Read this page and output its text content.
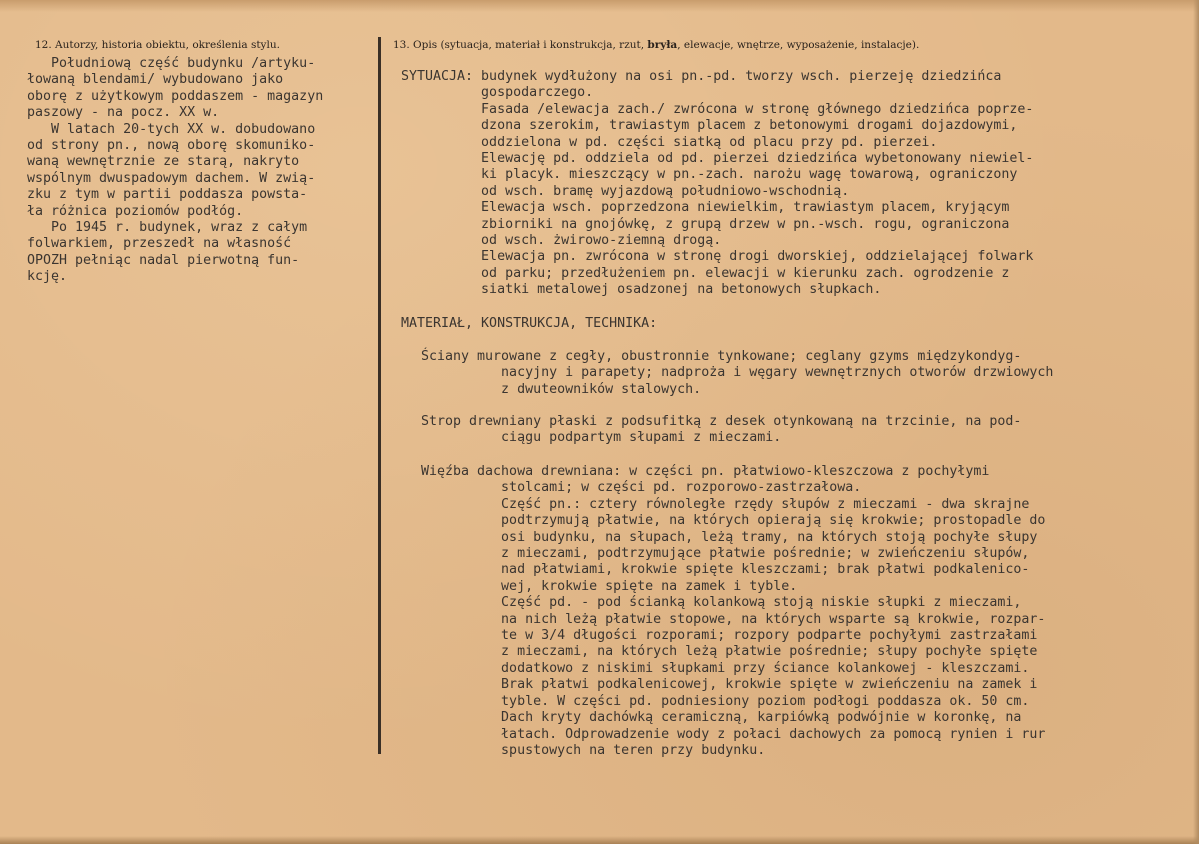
12. Autorzy, historia obiektu, określenia stylu.	13. Opis (sytuacja, materiał i konstrukcja, rzut, bryła, elewacje, wnętrze, wyposażenie, instalacje).
Południową część budynku /artyku-
łowaną blendami/ wybudowano jako
oborę z użytkowym poddaszem - magazyn
paszowy - na pocz. XX w.
W latach 20-tych XX w. dobudowano
od strony pn., nową oborę skomuniko-
waną wewnętrznie ze starą, nakryto
wspólnym dwuspadowym dachem. W zwią-
zku z tym w partii poddasza powsta-
ła różnica poziomów podłóg.
Po 1945 r. budynek, wraz z całym
folwarkiem, przeszedł na własność
OPOZH pełniąc nadal pierwotną fun-
kcję.
SYTUACJA: budynek wydłużony na osi pn.-pd. tworzy wsch. pierzeję dziedzińca
gospodarczego.
Fasada /elewacja zach./ zwrócona w stronę głównego dziedzińca poprze-
dzona szerokim, trawiastym placem z betonowymi drogami dojazdowymi,
oddzielona w pd. części siatką od placu przy pd. pierzei.
Elewację pd. oddziela od pd. pierzei dziedzińca wybetonowany niewiel-
ki placyk. mieszczący w pn.-zach. narożu wagę towarową, ograniczony
od wsch. bramę wyjazdową południowo-wschodnią.
Elewacja wsch. poprzedzona niewielkim, trawiastym placem, kryjącym
zbiorniki na gnojówkę, z grupą drzew w pn.-wsch. rogu, ograniczona
od wsch. żwirowo-ziemną drogą.
Elewacja pn. zwrócona w stronę drogi dworskiej, oddzielającej folwark
od parku; przedłużeniem pn. elewacji w kierunku zach. ogrodzenie z
siatki metalowej osadzonej na betonowych słupkach.
MATERIAŁ, KONSTRUKCJA, TECHNIKA:
Ściany murowane z cegły, obustronnie tynkowane; ceglany gzyms międzykondyg-
nacyjny i parapety; nadproża i węgary wewnętrznych otworów drzwiowych
z dwuteowników stalowych.
Strop drewniany płaski z podsufitką z desek otynkowaną na trzcinie, na pod-
ciągu podpartym słupami z mieczami.
Więźba dachowa drewniana: w części pn. płatwiowo-kleszczowa z pochyłymi
stolcami; w części pd. rozporowo-zastrzałowa.
Część pn.: cztery równoległe rzędy słupów z mieczami - dwa skrajne
podtrzymują płatwie, na których opierają się krokwie; prostopadle do
osi budynku, na słupach, leżą tramy, na których stoją pochyłe słupy
z mieczami, podtrzymujące płatwie pośrednie; w zwieńczeniu słupów,
nad płatwiami, krokwie spięte kleszczami; brak płatwi podkalenico-
wej, krokwie spięte na zamek i tyble.
Część pd. - pod ścianką kolankową stoją niskie słupki z mieczami,
na nich leżą płatwie stopowe, na których wsparte są krokwie, rozpar-
te w 3/4 długości rozporami; rozpory podparte pochyłymi zastrzałami
z mieczami, na których leżą płatwie pośrednie; słupy pochyłe spięte
dodatkowo z niskimi słupkami przy ściance kolankowej - kleszczami.
Brak płatwi podkalenicowej, krokwie spięte w zwieńczeniu na zamek i
tyble. W części pd. podniesiony poziom podłogi poddasza ok. 50 cm.
Dach kryty dachówką ceramiczną, karpiówką podwójnie w koronkę, na
łatach. Odprowadzenie wody z połaci dachowych za pomocą rynien i rur
spustowych na teren przy budynku.
